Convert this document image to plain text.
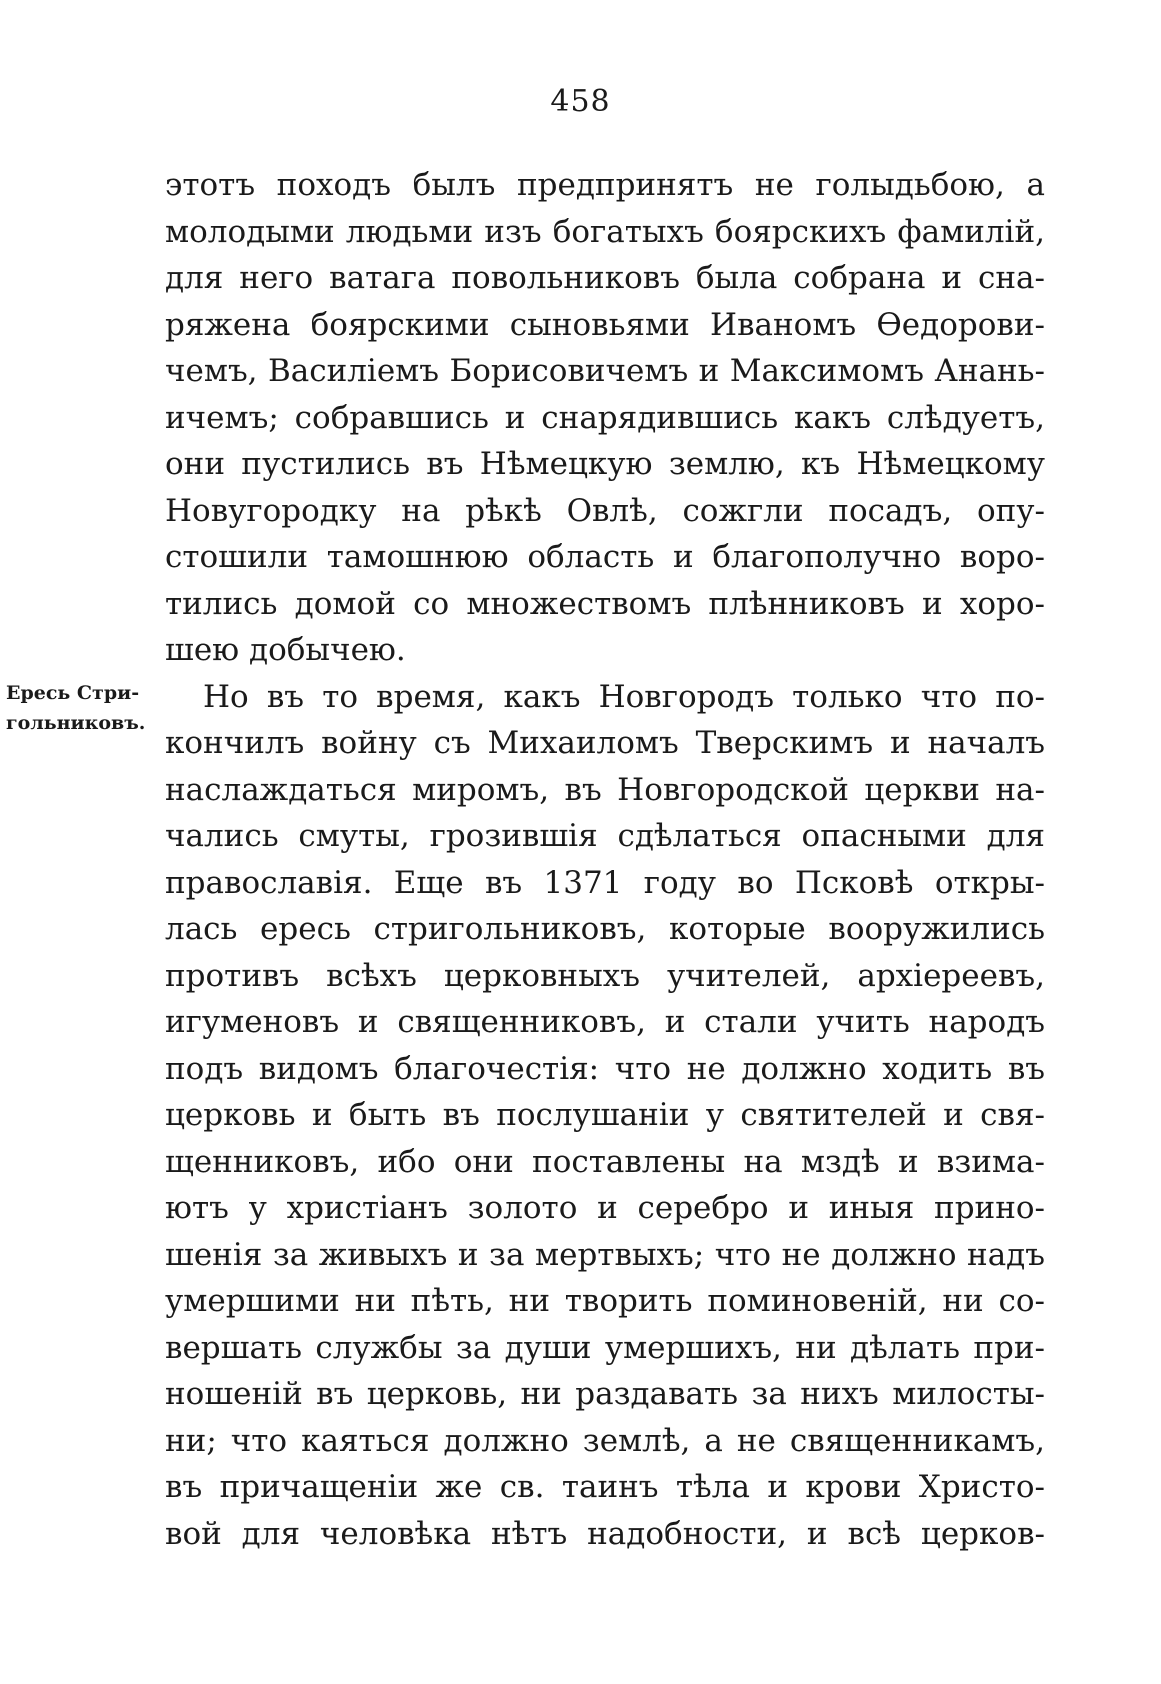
458
Ересь Стри-
гольниковъ.
этотъ походъ былъ предпринятъ не голыдьбою, а
молодыми людьми изъ богатыхъ боярскихъ фамилій,
для него ватага повольниковъ была собрана и сна-
ряжена боярскими сыновьями Иваномъ Өедорови-
чемъ, Василіемъ Борисовичемъ и Максимомъ Анань-
ичемъ; собравшись и снарядившись какъ слѣдуетъ,
они пустились въ Нѣмецкую землю, къ Нѣмецкому
Новугородку на рѣкѣ Овлѣ, сожгли посадъ, опу-
стошили тамошнюю область и благополучно воро-
тились домой со множествомъ плѣнниковъ и хоро-
шею добычею.
Но въ то время, какъ Новгородъ только что по-
кончилъ войну съ Михаиломъ Тверскимъ и началъ
наслаждаться миромъ, въ Новгородской церкви на-
чались смуты, грозившія сдѣлаться опасными для
православія. Еще въ 1371 году во Псковѣ откры-
лась ересь стригольниковъ, которые вооружились
противъ всѣхъ церковныхъ учителей, архіереевъ,
игуменовъ и священниковъ, и стали учить народъ
подъ видомъ благочестія: что не должно ходить въ
церковь и быть въ послушаніи у святителей и свя-
щенниковъ, ибо они поставлены на мздѣ и взима-
ютъ у христіанъ золото и серебро и иныя прино-
шенія за живыхъ и за мертвыхъ; что не должно надъ
умершими ни пѣть, ни творить поминовеній, ни со-
вершать службы за души умершихъ, ни дѣлать при-
ношеній въ церковь, ни раздавать за нихъ милосты-
ни; что каяться должно землѣ, а не священникамъ,
въ причащеніи же св. таинъ тѣла и крови Христо-
вой для человѣка нѣтъ надобности, и всѣ церков-
